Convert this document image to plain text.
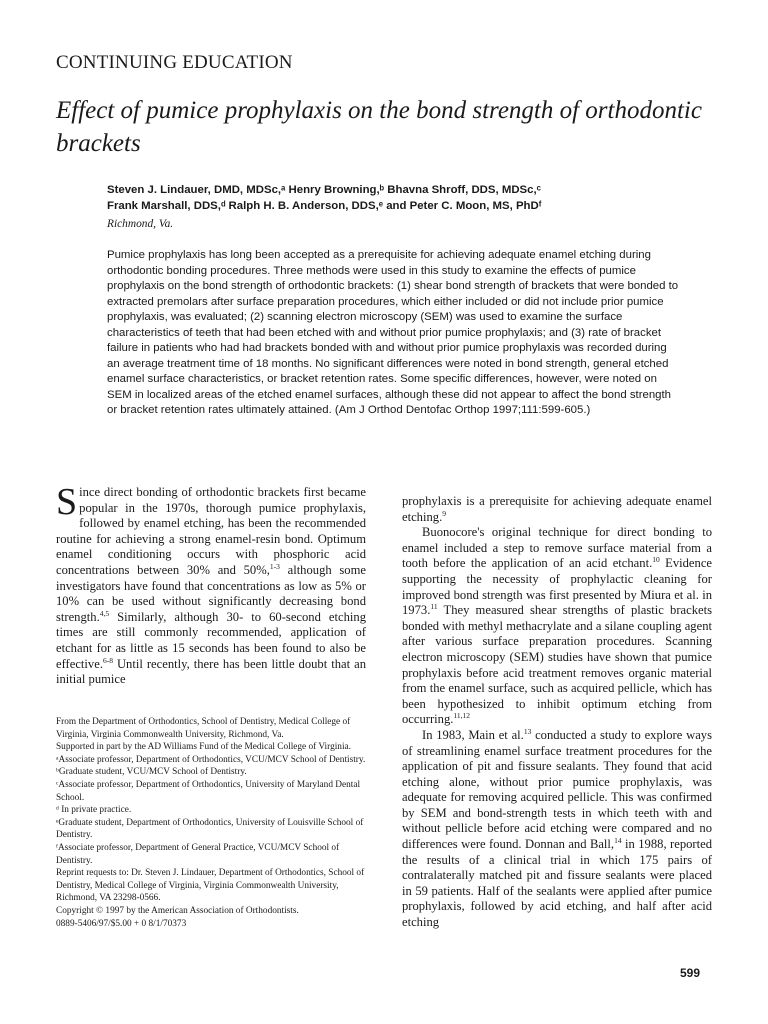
CONTINUING EDUCATION
Effect of pumice prophylaxis on the bond strength of orthodontic brackets
Steven J. Lindauer, DMD, MDSc,ᵃ Henry Browning,ᵇ Bhavna Shroff, DDS, MDSc,ᶜ
Frank Marshall, DDS,ᵈ Ralph H. B. Anderson, DDS,ᵉ and Peter C. Moon, MS, PhDᶠ
Richmond, Va.

Pumice prophylaxis has long been accepted as a prerequisite for achieving adequate enamel etching during orthodontic bonding procedures. Three methods were used in this study to examine the effects of pumice prophylaxis on the bond strength of orthodontic brackets: (1) shear bond strength of brackets that were bonded to extracted premolars after surface preparation procedures, which either included or did not include prior pumice prophylaxis, was evaluated; (2) scanning electron microscopy (SEM) was used to examine the surface characteristics of teeth that had been etched with and without prior pumice prophylaxis; and (3) rate of bracket failure in patients who had had brackets bonded with and without prior pumice prophylaxis was recorded during an average treatment time of 18 months. No significant differences were noted in bond strength, general etched enamel surface characteristics, or bracket retention rates. Some specific differences, however, were noted on SEM in localized areas of the etched enamel surfaces, although these did not appear to affect the bond strength or bracket retention rates ultimately attained. (Am J Orthod Dentofac Orthop 1997;111:599-605.)

Since direct bonding of orthodontic brackets first became popular in the 1970s, thorough pumice prophylaxis, followed by enamel etching, has been the recommended routine for achieving a strong enamel-resin bond. Optimum enamel conditioning occurs with phosphoric acid concentrations between 30% and 50%,$^{1-3}$ although some investigators have found that concentrations as low as 5% or 10% can be used without significantly decreasing bond strength.$^{4,5}$ Similarly, although 30- to 60-second etching times are still commonly recommended, application of etchant for as little as 15 seconds has been found to also be effective.$^{6-8}$ Until recently, there has been little doubt that an initial pumice

From the Department of Orthodontics, School of Dentistry, Medical College of Virginia, Virginia Commonwealth University, Richmond, Va.
Supported in part by the AD Williams Fund of the Medical College of Virginia.
ᵃAssociate professor, Department of Orthodontics, VCU/MCV School of Dentistry.
ᵇGraduate student, VCU/MCV School of Dentistry.
ᶜAssociate professor, Department of Orthodontics, University of Maryland Dental School.
ᵈ In private practice.
ᵉGraduate student, Department of Orthodontics, University of Louisville School of Dentistry.
ᶠAssociate professor, Department of General Practice, VCU/MCV School of Dentistry.
Reprint requests to: Dr. Steven J. Lindauer, Department of Orthodontics, School of Dentistry, Medical College of Virginia, Virginia Commonwealth University, Richmond, VA 23298-0566.
Copyright © 1997 by the American Association of Orthodontists.
0889-5406/97/$5.00 + 0 8/1/70373

prophylaxis is a prerequisite for achieving adequate enamel etching.$^9$

Buonocore's original technique for direct bonding to enamel included a step to remove surface material from a tooth before the application of an acid etchant.$^{10}$ Evidence supporting the necessity of prophylactic cleaning for improved bond strength was first presented by Miura et al. in 1973.11 They measured shear strengths of plastic brackets bonded with methyl methacrylate and a silane coupling agent after various surface preparation procedures. Scanning electron microscopy (SEM) studies have shown that pumice prophylaxis before acid treatment removes organic material from the enamel surface, such as acquired pellicle, which has been hypothesized to inhibit optimum etching from occurring.$^{11,12}$

In 1983, Main et al.$^{13}$ conducted a study to explore ways of streamlining enamel surface treatment procedures for the application of pit and fissure sealants. They found that acid etching alone, without prior pumice prophylaxis, was adequate for removing acquired pellicle. This was confirmed by SEM and bond-strength tests in which teeth with and without pellicle before acid etching were compared and no differences were found. Donnan and Ball,$^{14}$ in 1988, reported the results of a clinical trial in which 175 pairs of contralaterally matched pit and fissure sealants were placed in 59 patients. Half of the sealants were applied after pumice prophylaxis, followed by acid etching, and half after acid etching

599
